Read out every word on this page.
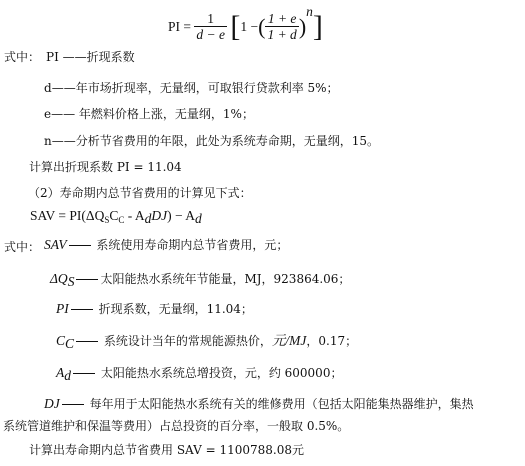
PI = $\frac{1}{d - e} [1$ −( $\frac{1 + e}{1 + d} )^n$]
式中： PI ——折现系数
d——年市场折现率，无量纲，可取银行贷款利率 5%；
e—— 年燃料价格上涨，无量纲，1%；
n——分析节省费用的年限，此处为系统寿命期，无量纲，15。
计算出折现系数 PI = 11.04
（2）寿命期内总节省费用的计算见下式：
SAV = $PI(\Delta Q_SC_C - A_dDJ) - A_d$
式中： SAV 系统使用寿命期内总节省费用，元；
$\Delta Q_S$ 太阳能热水系统年节能量，MJ，923864.06；
PI 折现系数，无量纲，11.04；
$C_C$ 系统设计当年的常规能源热价，元/MJ，0.17；
$A_d$ 太阳能热水系统总增投资，元，约 600000；
DJ 每年用于太阳能热水系统有关的维修费用（包括太阳能集热器维护，集热
系统管道维护和保温等费用）占总投资的百分率，一般取 0.5%。
计算出寿命期内总节省费用 SAV = 1100788.08元
